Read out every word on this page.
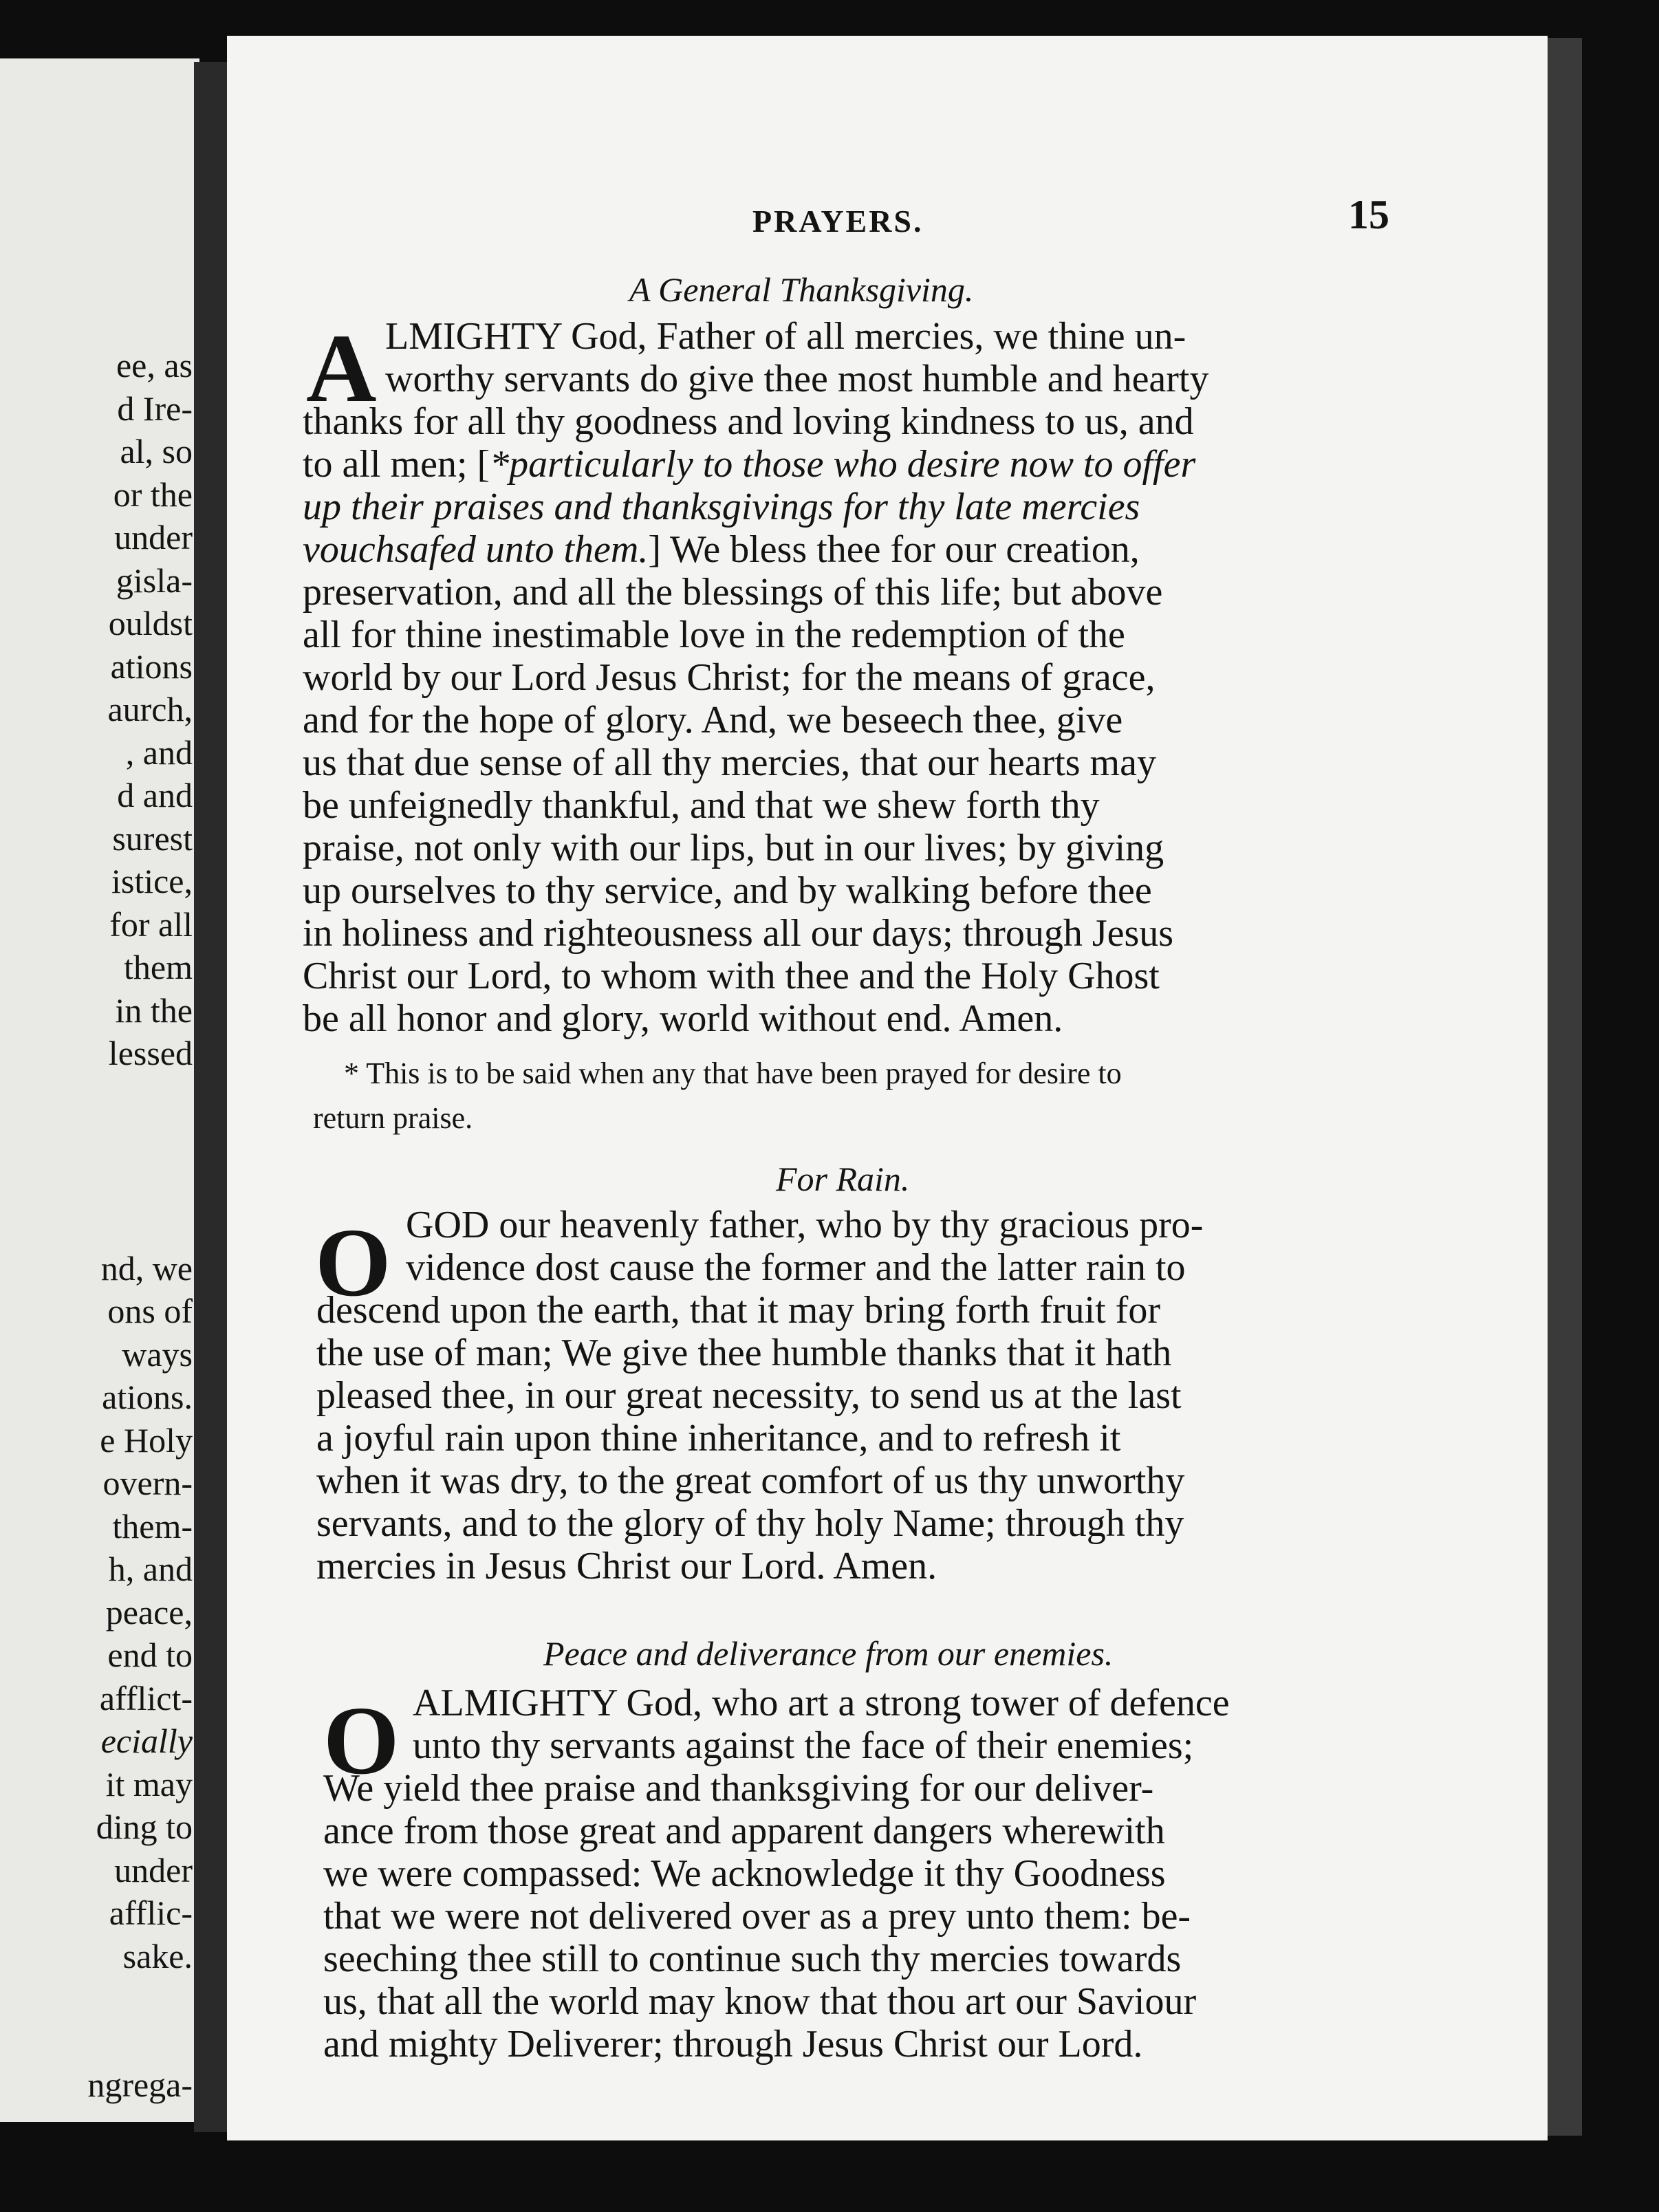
ee, as
d Ire-
al, so
or the
under
gisla-
ouldst
ations
aurch,
, and
d and
surest
istice,
for all
them
in the
lessed
nd, we
ons of
ways
ations.
e Holy
overn-
them-
h, and
peace,
end to
afflict-
ecially
it may
ding to
under
afflic-
sake.
ngrega-
PRAYERS.	15
A General Thanksgiving.
A LMIGHTY God, Father of all mercies, we thine un-
worthy servants do give thee most humble and hearty
thanks for all thy goodness and loving kindness to us, and
to all men; [*particularly to those who desire now to offer
up their praises and thanksgivings for thy late mercies
vouchsafed unto them.] We bless thee for our creation,
preservation, and all the blessings of this life; but above
all for thine inestimable love in the redemption of the
world by our Lord Jesus Christ; for the means of grace,
and for the hope of glory. And, we beseech thee, give
us that due sense of all thy mercies, that our hearts may
be unfeignedly thankful, and that we shew forth thy
praise, not only with our lips, but in our lives; by giving
up ourselves to thy service, and by walking before thee
in holiness and righteousness all our days; through Jesus
Christ our Lord, to whom with thee and the Holy Ghost
be all honor and glory, world without end. Amen.
* This is to be said when any that have been prayed for desire to
return praise.
For Rain.
O GOD our heavenly father, who by thy gracious pro-
vidence dost cause the former and the latter rain to
descend upon the earth, that it may bring forth fruit for
the use of man; We give thee humble thanks that it hath
pleased thee, in our great necessity, to send us at the last
a joyful rain upon thine inheritance, and to refresh it
when it was dry, to the great comfort of us thy unworthy
servants, and to the glory of thy holy Name; through thy
mercies in Jesus Christ our Lord. Amen.
Peace and deliverance from our enemies.
O ALMIGHTY God, who art a strong tower of defence
unto thy servants against the face of their enemies;
We yield thee praise and thanksgiving for our deliver-
ance from those great and apparent dangers wherewith
we were compassed: We acknowledge it thy Goodness
that we were not delivered over as a prey unto them: be-
seeching thee still to continue such thy mercies towards
us, that all the world may know that thou art our Saviour
and mighty Deliverer; through Jesus Christ our Lord.
